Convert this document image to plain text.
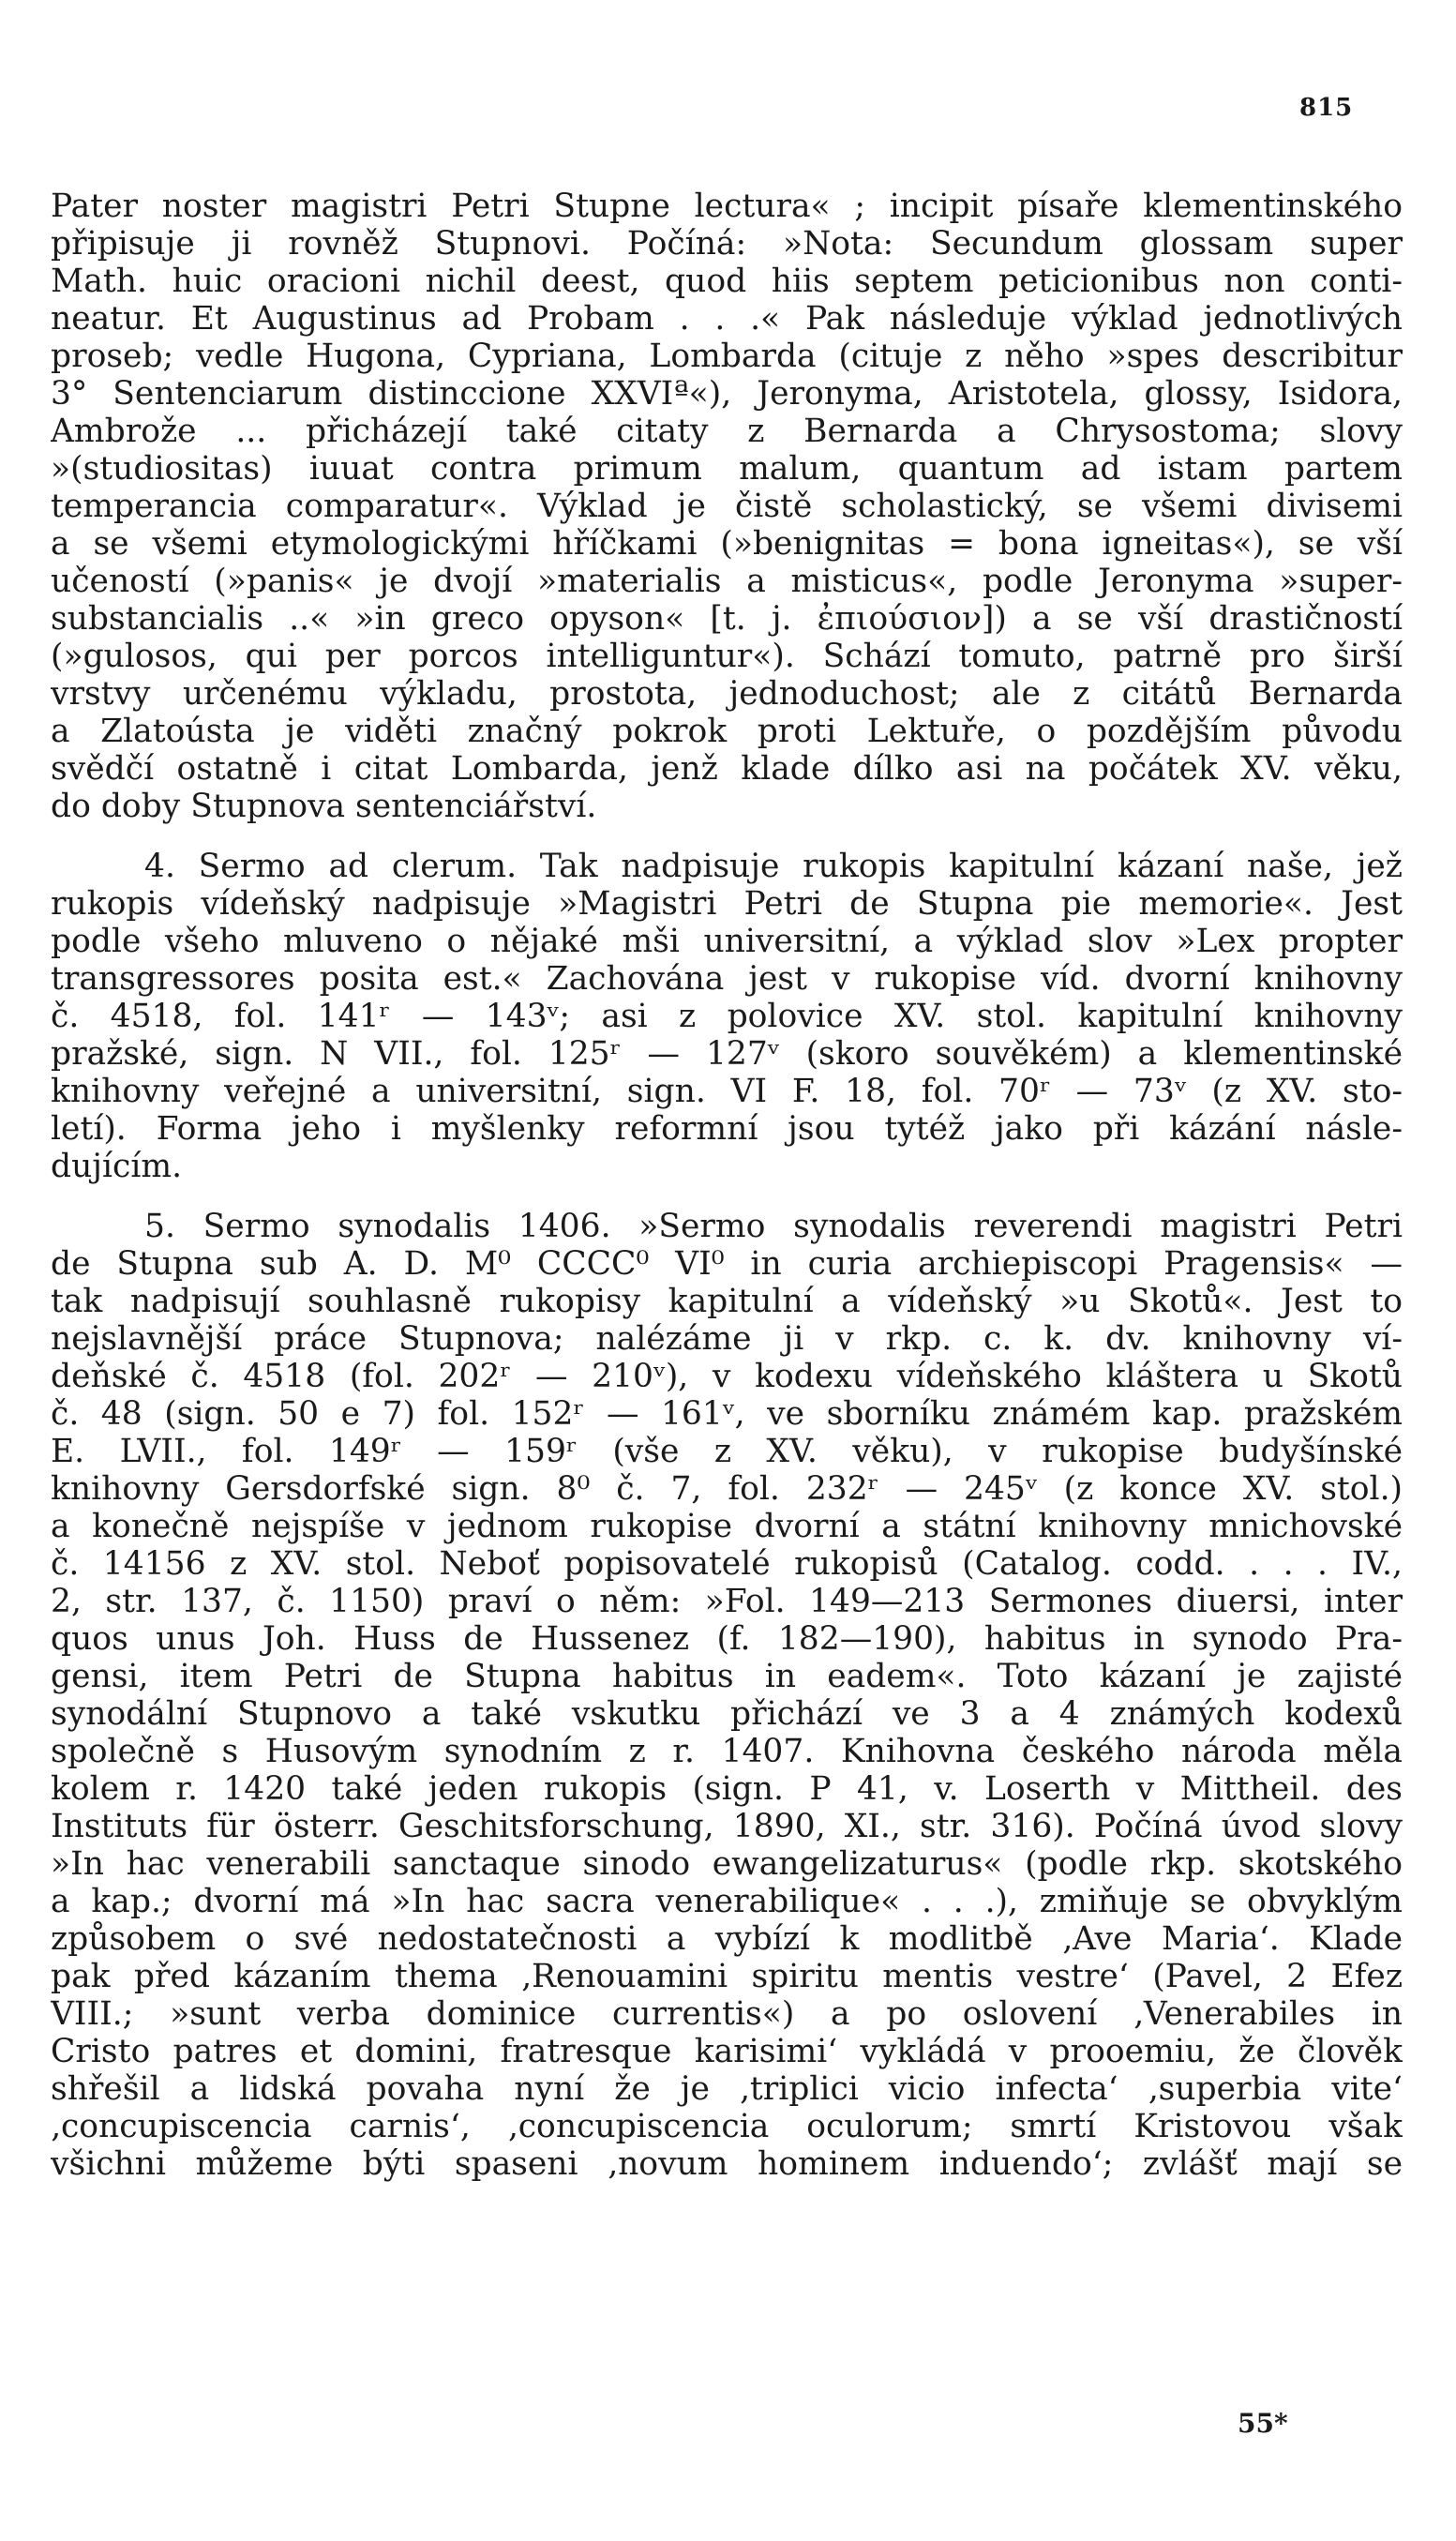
815
Pater noster magistri Petri Stupne lectura« ; incipit písaře klementinského
připisuje ji rovněž Stupnovi. Počíná: »Nota: Secundum glossam super
Math. huic oracioni nichil deest, quod hiis septem peticionibus non conti-
neatur. Et Augustinus ad Probam . . .« Pak následuje výklad jednotlivých
proseb; vedle Hugona, Cypriana, Lombarda (cituje z něho »spes describitur
3° Sentenciarum distinccione XXVIª«), Jeronyma, Aristotela, glossy, Isidora,
Ambrože ... přicházejí také citaty z Bernarda a Chrysostoma; slovy
»(studiositas) iuuat contra primum malum, quantum ad istam partem
temperancia comparatur«. Výklad je čistě scholastický, se všemi divisemi
a se všemi etymologickými hříčkami (»benignitas = bona igneitas«), se vší
učeností (»panis« je dvojí »materialis a misticus«, podle Jeronyma »super-
substancialis ..« »in greco opyson« [t. j. ἐπιούσιον]) a se vší drastičností
(»gulosos, qui per porcos intelliguntur«). Schází tomuto, patrně pro širší
vrstvy určenému výkladu, prostota, jednoduchost; ale z citátů Bernarda
a Zlatoústa je viděti značný pokrok proti Lektuře, o pozdějším původu
svědčí ostatně i citat Lombarda, jenž klade dílko asi na počátek XV. věku,
do doby Stupnova sentenciářství.
4. Sermo ad clerum. Tak nadpisuje rukopis kapitulní kázaní naše, jež
rukopis vídeňský nadpisuje »Magistri Petri de Stupna pie memorie«. Jest
podle všeho mluveno o nějaké mši universitní, a výklad slov »Lex propter
transgressores posita est.« Zachována jest v rukopise víd. dvorní knihovny
č. 4518, fol. 141ʳ — 143ᵛ; asi z polovice XV. stol. kapitulní knihovny
pražské, sign. N VII., fol. 125ʳ — 127ᵛ (skoro souvěkém) a klementinské
knihovny veřejné a universitní, sign. VI F. 18, fol. 70ʳ — 73ᵛ (z XV. sto-
letí). Forma jeho i myšlenky reformní jsou tytéž jako při kázání násle-
dujícím.
5. Sermo synodalis 1406. »Sermo synodalis reverendi magistri Petri
de Stupna sub A. D. M⁰ CCCC⁰ VI⁰ in curia archiepiscopi Pragensis« —
tak nadpisují souhlasně rukopisy kapitulní a vídeňský »u Skotů«. Jest to
nejslavnější práce Stupnova; nalézáme ji v rkp. c. k. dv. knihovny ví-
deňské č. 4518 (fol. 202ʳ — 210ᵛ), v kodexu vídeňského kláštera u Skotů
č. 48 (sign. 50 e 7) fol. 152ʳ — 161ᵛ, ve sborníku známém kap. pražském
E. LVII., fol. 149ʳ — 159ʳ (vše z XV. věku), v rukopise budyšínské
knihovny Gersdorfské sign. 8⁰ č. 7, fol. 232ʳ — 245ᵛ (z konce XV. stol.)
a konečně nejspíše v jednom rukopise dvorní a státní knihovny mnichovské
č. 14156 z XV. stol. Neboť popisovatelé rukopisů (Catalog. codd. . . . IV.,
2, str. 137, č. 1150) praví o něm: »Fol. 149—213 Sermones diuersi, inter
quos unus Joh. Huss de Hussenez (f. 182—190), habitus in synodo Pra-
gensi, item Petri de Stupna habitus in eadem«. Toto kázaní je zajisté
synodální Stupnovo a také vskutku přichází ve 3 a 4 známých kodexů
společně s Husovým synodním z r. 1407. Knihovna českého národa měla
kolem r. 1420 také jeden rukopis (sign. P 41, v. Loserth v Mittheil. des
Instituts für österr. Geschitsforschung, 1890, XI., str. 316). Počíná úvod slovy
»In hac venerabili sanctaque sinodo ewangelizaturus« (podle rkp. skotského
a kap.; dvorní má »In hac sacra venerabilique« . . .), zmiňuje se obvyklým
způsobem o své nedostatečnosti a vybízí k modlitbě ‚Ave Maria‘. Klade
pak před kázaním thema ‚Renouamini spiritu mentis vestre‘ (Pavel, 2 Efez
VIII.; »sunt verba dominice currentis«) a po oslovení ‚Venerabiles in
Cristo patres et domini, fratresque karisimi‘ vykládá v prooemiu, že člověk
shřešil a lidská povaha nyní že je ‚triplici vicio infecta‘ ‚superbia vite‘
‚concupiscencia carnis‘, ‚concupiscencia oculorum; smrtí Kristovou však
všichni můžeme býti spaseni ‚novum hominem induendo‘; zvlášť mají se
55*
